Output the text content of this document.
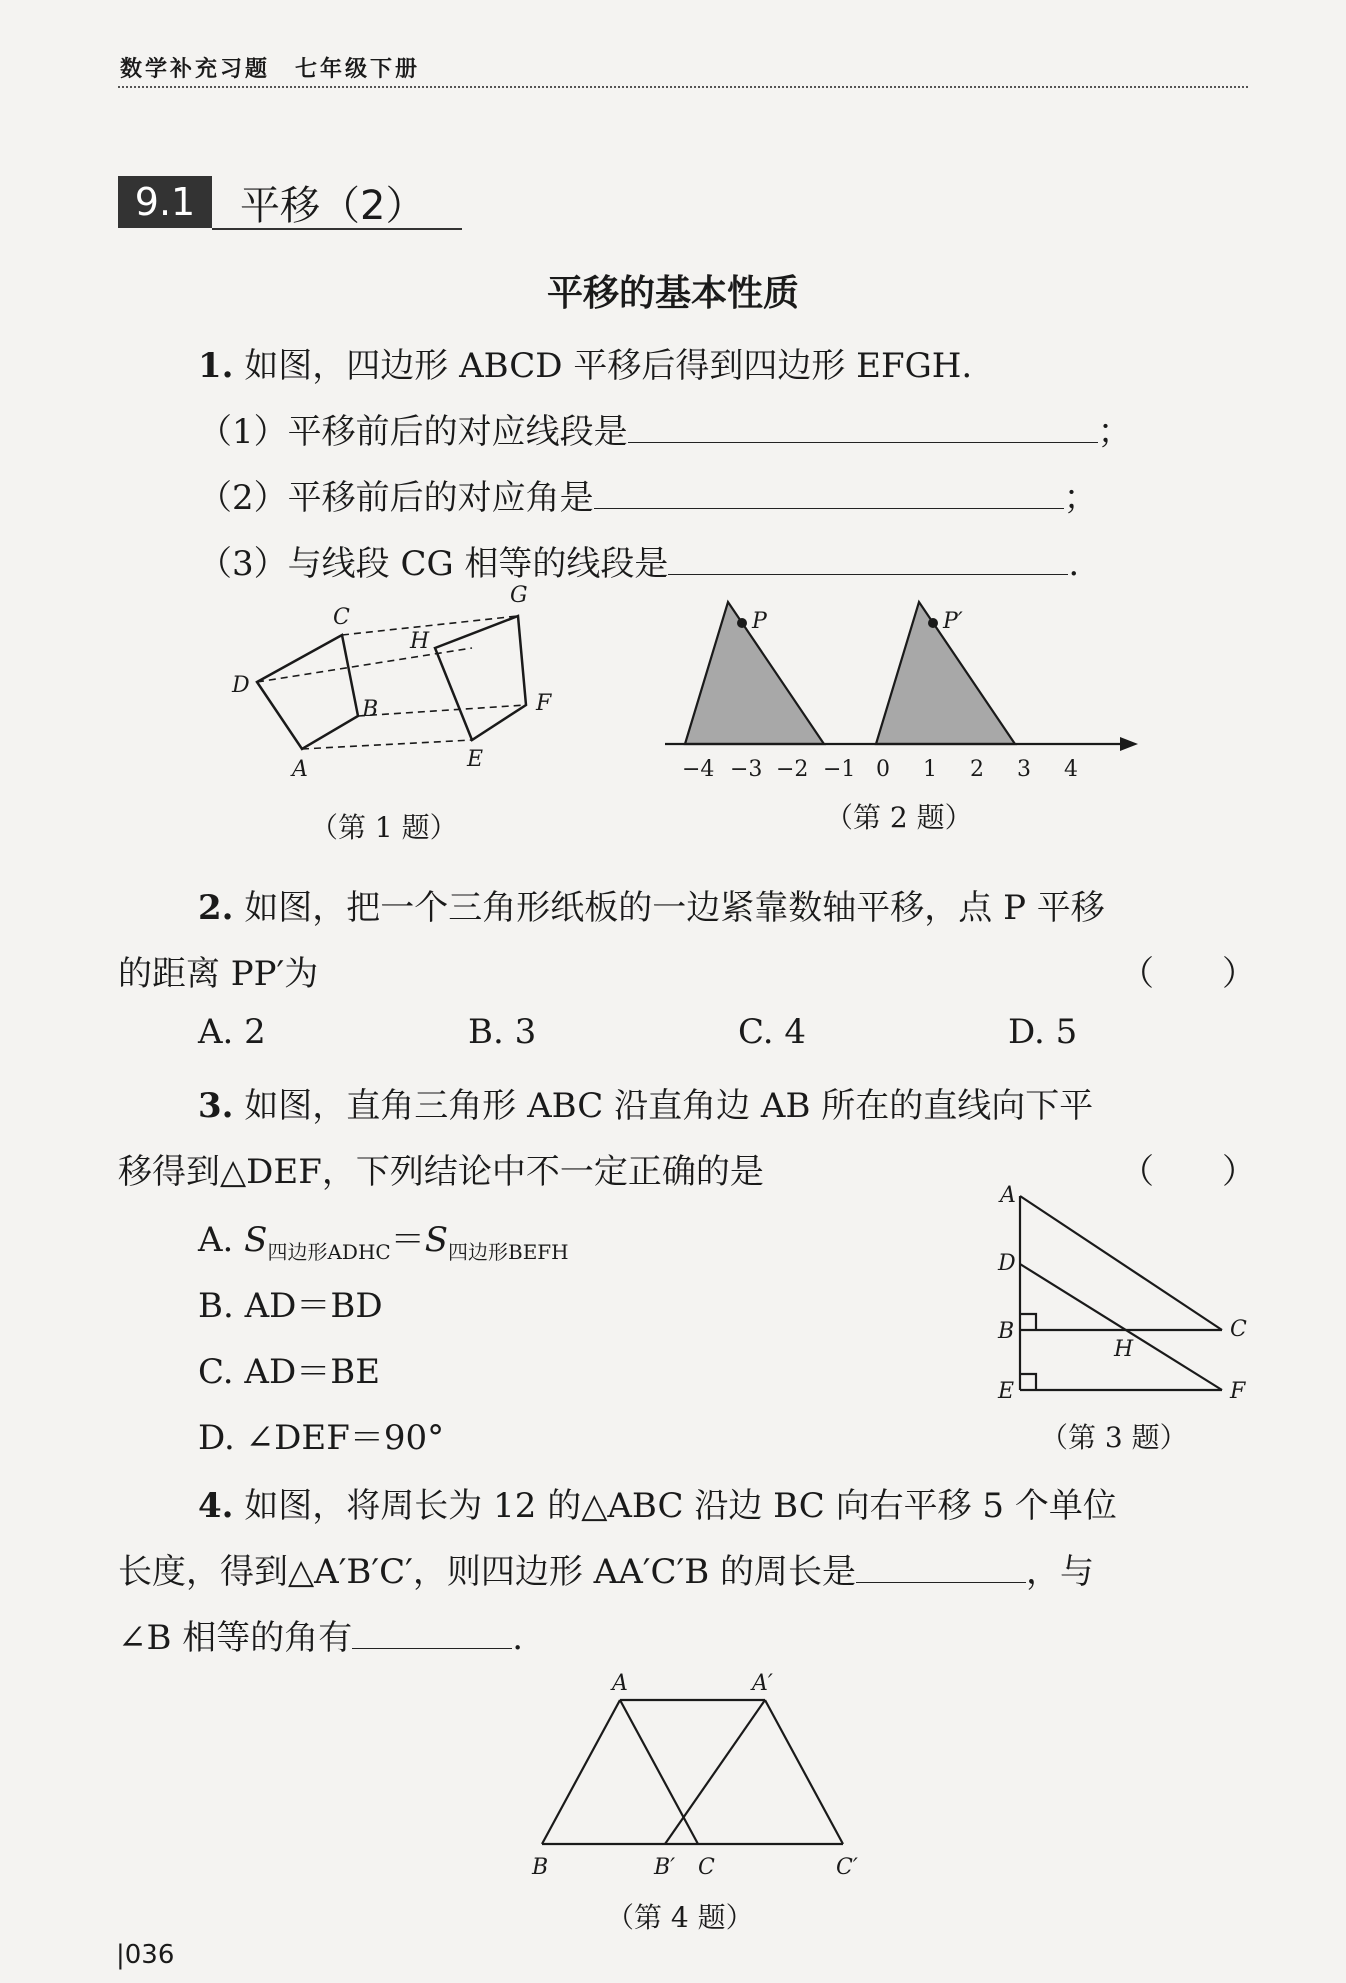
数学补充习题　七年级下册
9.1	平移（2）
平移的基本性质
1. 如图，四边形 ABCD 平移后得到四边形 EFGH.
（1）平移前后的对应线段是	；
（2）平移前后的对应角是	；
（3）与线段 CG 相等的线段是	.
D
C
B
A
H
G
F
E
（第 1 题）
P	P′
−4 −3 −2 −1 0 1 2 3 4
（第 2 题）
2. 如图，把一个三角形纸板的一边紧靠数轴平移，点 P 平移
的距离 PP′为	（　　）
A. 2	B. 3	C. 4	D. 5
3. 如图，直角三角形 ABC 沿直角边 AB 所在的直线向下平
移得到△DEF，下列结论中不一定正确的是	（　　）
A. $S_{四边形ADHC}=S_{四边形BEFH}$
B. AD＝BD
C. AD＝BE
D. ∠DEF＝90°
A
D
B
E
C
F
H
（第 3 题）
4. 如图，将周长为 12 的△ABC 沿边 BC 向右平移 5 个单位
长度，得到△A′B′C′，则四边形 AA′C′B 的周长是	，与
∠B 相等的角有	.
A	A′
B	B′ C	C′
（第 4 题）
|036
